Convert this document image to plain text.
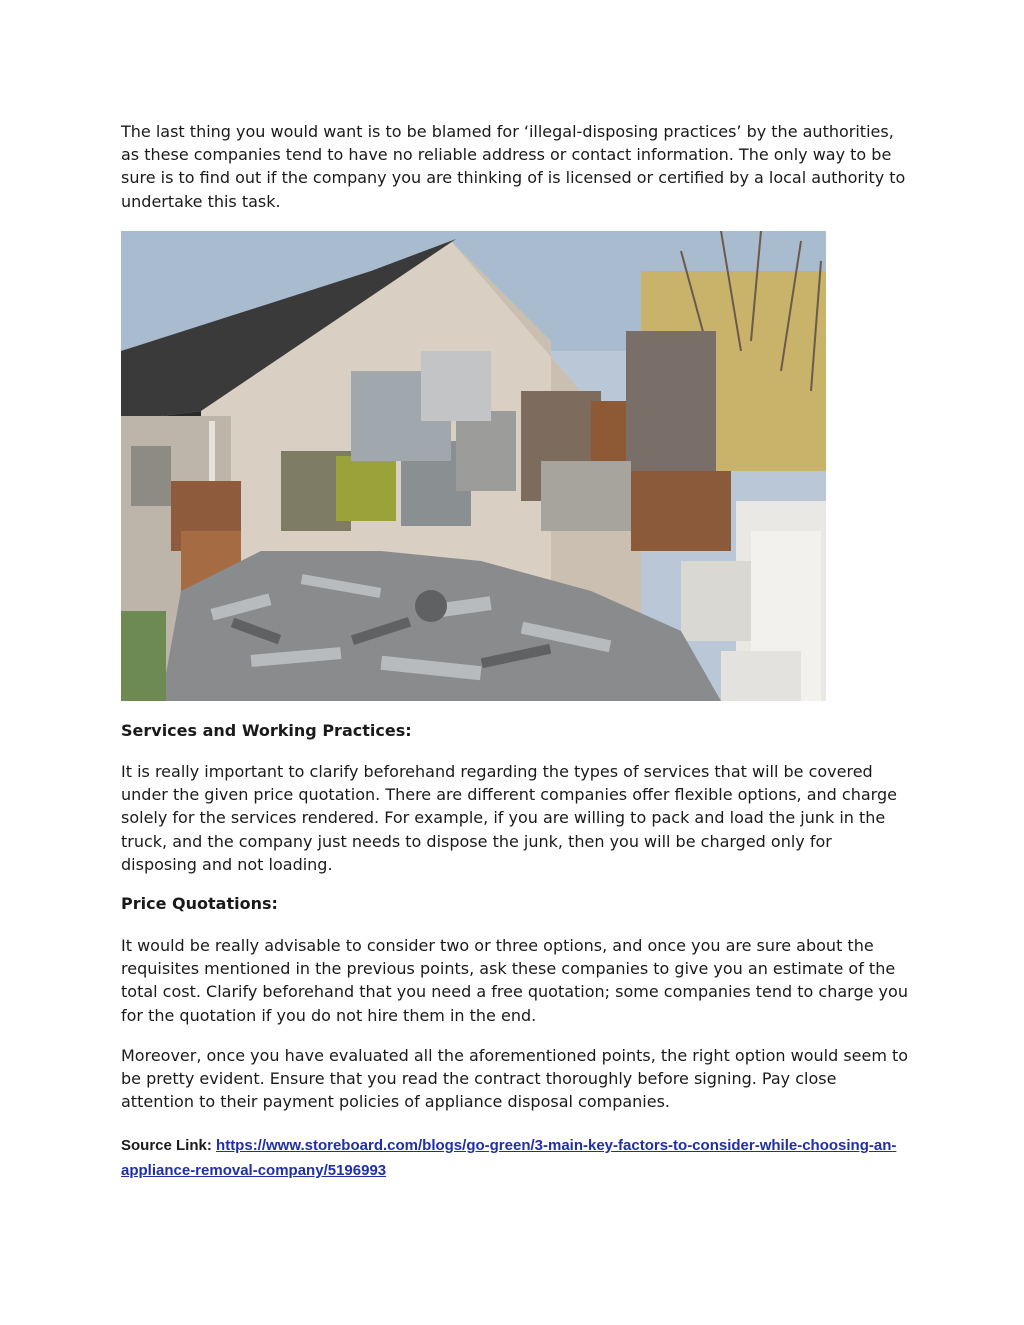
The last thing you would want is to be blamed for ‘illegal-disposing practices’ by the authorities, as these companies tend to have no reliable address or contact information. The only way to be sure is to find out if the company you are thinking of is licensed or certified by a local authority to undertake this task.

Services and Working Practices:

It is really important to clarify beforehand regarding the types of services that will be covered under the given price quotation. There are different companies offer flexible options, and charge solely for the services rendered. For example, if you are willing to pack and load the junk in the truck, and the company just needs to dispose the junk, then you will be charged only for disposing and not loading.

Price Quotations:

It would be really advisable to consider two or three options, and once you are sure about the requisites mentioned in the previous points, ask these companies to give you an estimate of the total cost. Clarify beforehand that you need a free quotation; some companies tend to charge you for the quotation if you do not hire them in the end.

Moreover, once you have evaluated all the aforementioned points, the right option would seem to be pretty evident. Ensure that you read the contract thoroughly before signing. Pay close attention to their payment policies of appliance disposal companies.

Source Link: https://www.storeboard.com/blogs/go-green/3-main-key-factors-to-consider-while-choosing-an-appliance-removal-company/5196993
